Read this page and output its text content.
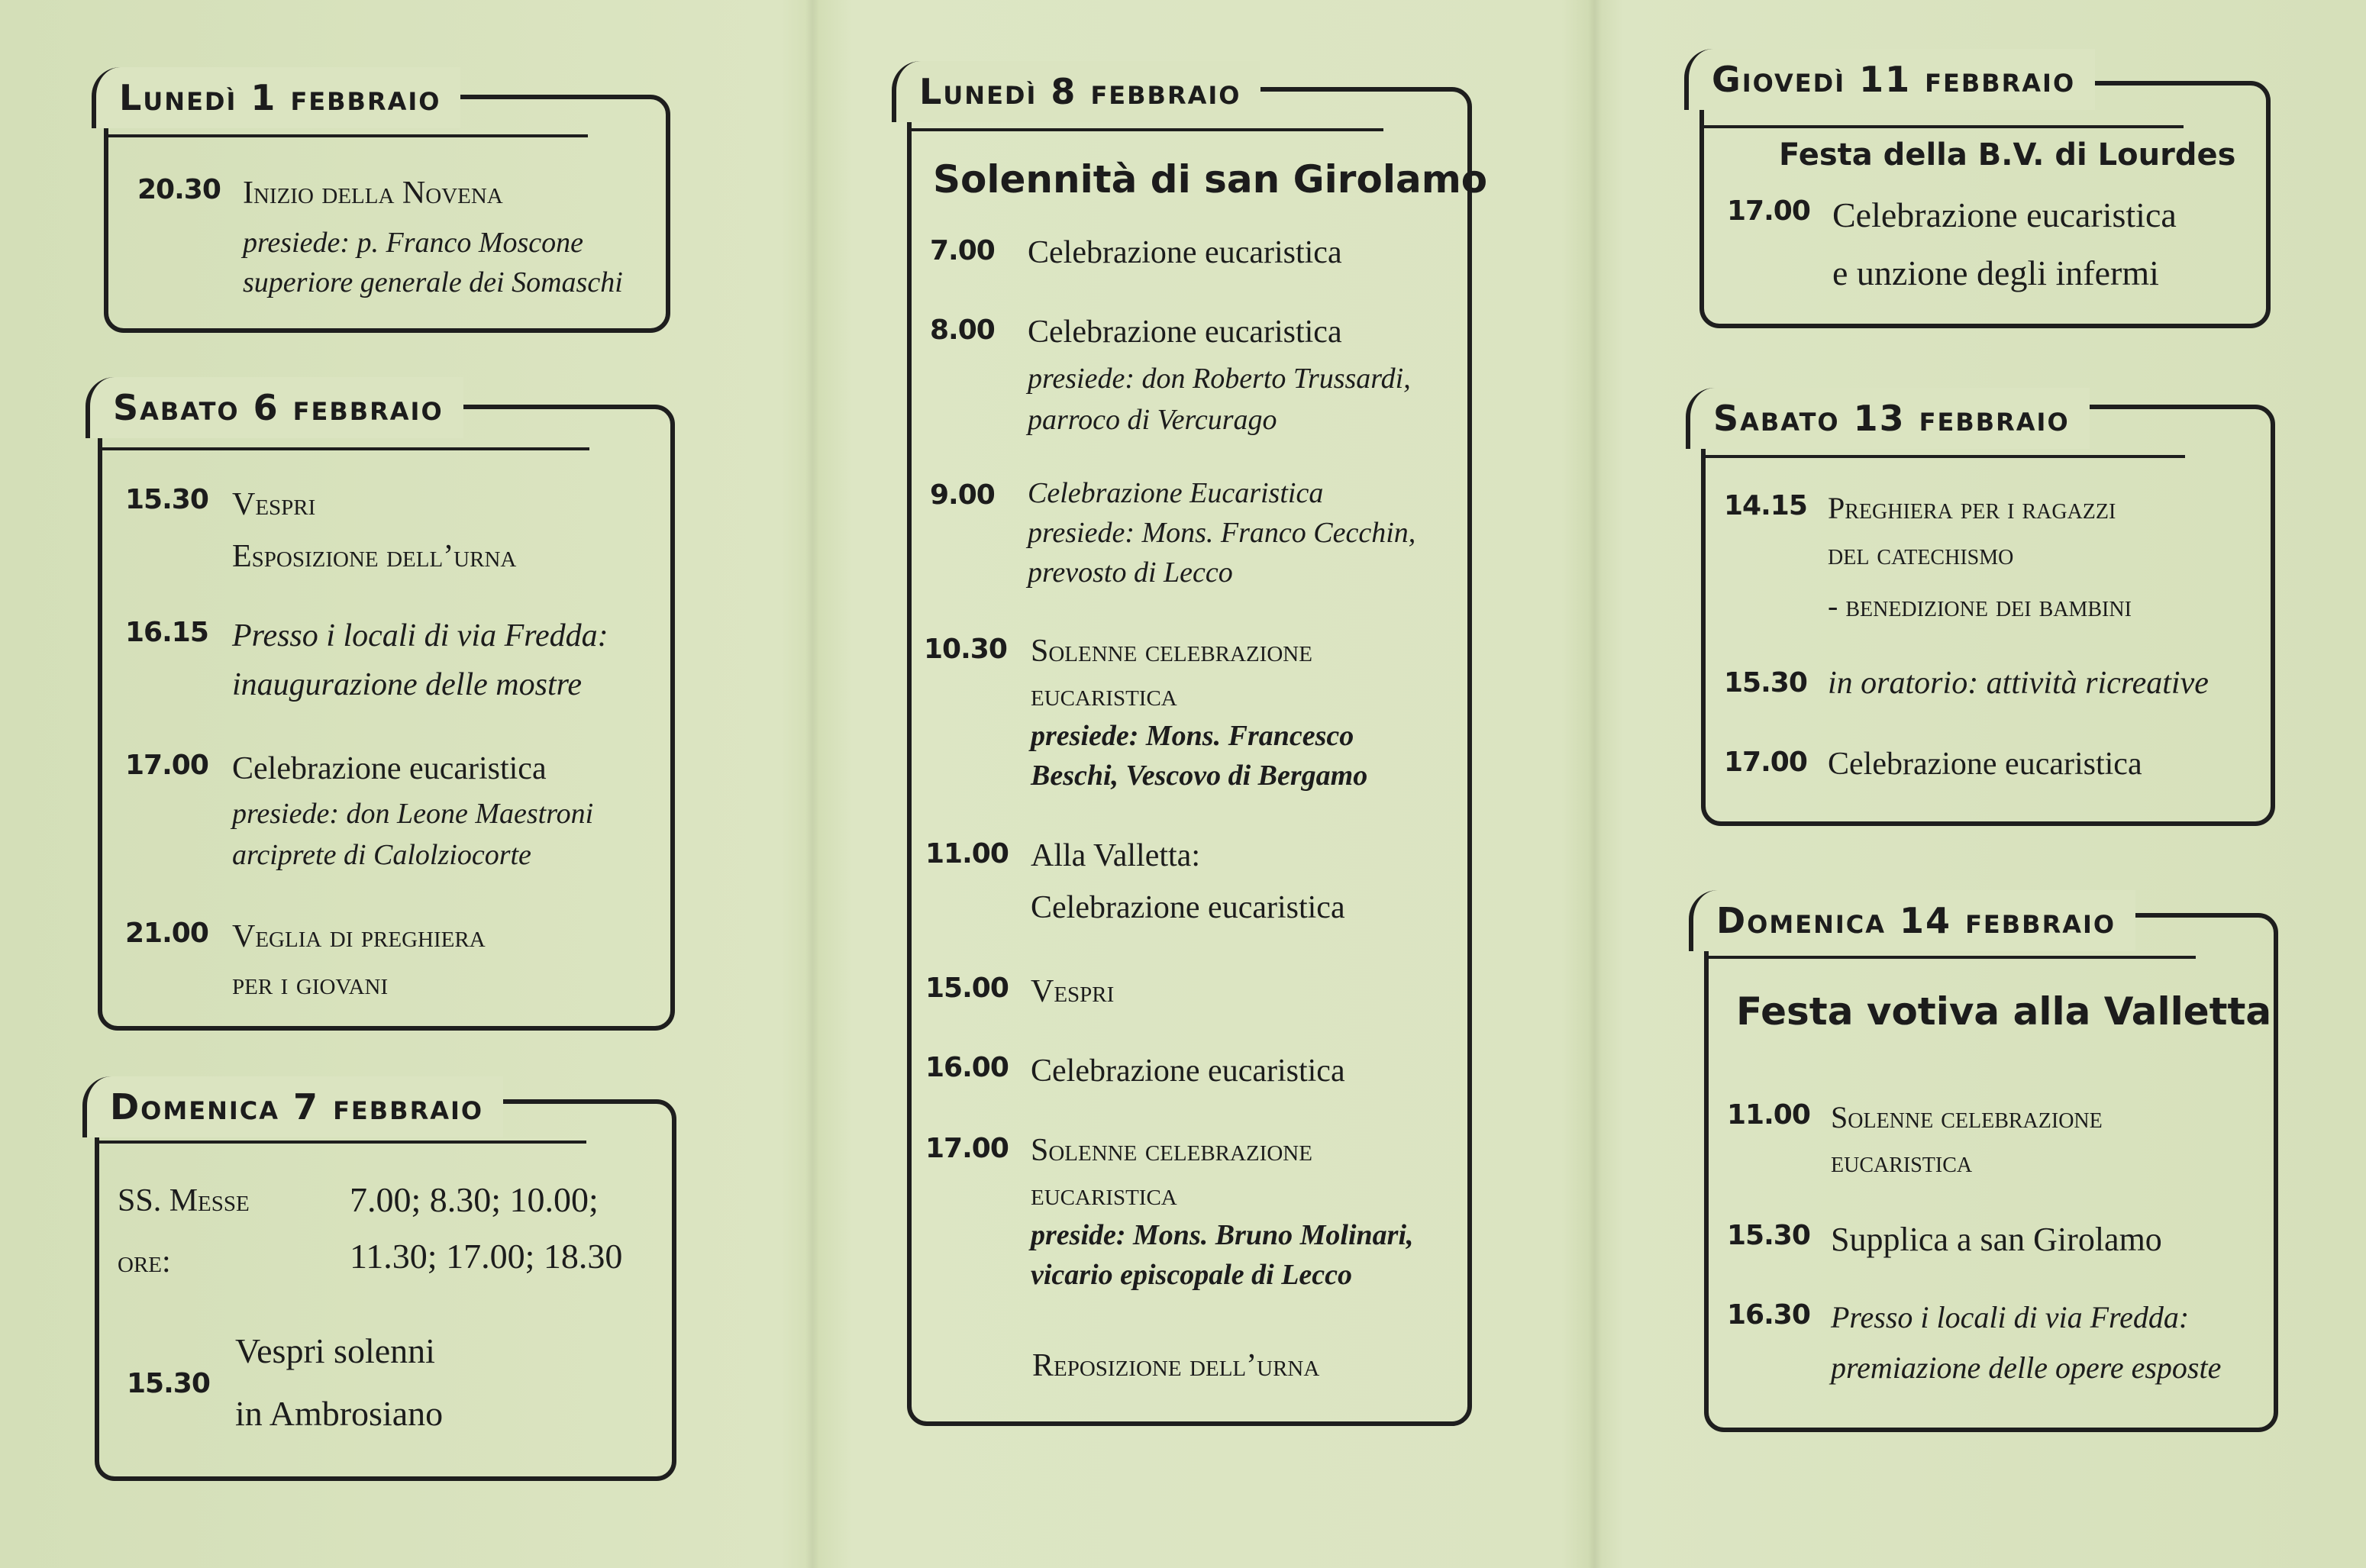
Lunedì 1 febbraio
20.30 Inizio della Novena
presiede: p. Franco Moscone
superiore generale dei Somaschi
Sabato 6 febbraio
15.30 Vespri
Esposizione dell’urna
16.15 Presso i locali di via Fredda:
inaugurazione delle mostre
17.00 Celebrazione eucaristica
presiede: don Leone Maestroni
arciprete di Calolziocorte
21.00 Veglia di preghiera
per i giovani
Domenica 7 febbraio
SS. Messe
ore:
7.00; 8.30; 10.00;
11.30; 17.00; 18.30
15.30
Vespri solenni
in Ambrosiano
Lunedì 8 febbraio
Solennità di san Girolamo
7.00 Celebrazione eucaristica
8.00 Celebrazione eucaristica
presiede: don Roberto Trussardi,
parroco di Vercurago
9.00 Celebrazione Eucaristica
presiede: Mons. Franco Cecchin,
prevosto di Lecco
10.30 Solenne celebrazione
eucaristica
presiede: Mons. Francesco
Beschi, Vescovo di Bergamo
11.00 Alla Valletta:
Celebrazione eucaristica
15.00 Vespri
16.00 Celebrazione eucaristica
17.00 Solenne celebrazione
eucaristica
preside: Mons. Bruno Molinari,
vicario episcopale di Lecco
Reposizione dell’urna
Giovedì 11 febbraio
Festa della B.V. di Lourdes
17.00 Celebrazione eucaristica
e unzione degli infermi
Sabato 13 febbraio
14.15 Preghiera per i ragazzi
del catechismo
- benedizione dei bambini
15.30 in oratorio: attività ricreative
17.00 Celebrazione eucaristica
Domenica 14 febbraio
Festa votiva alla Valletta
11.00 Solenne celebrazione
eucaristica
15.30 Supplica a san Girolamo
16.30 Presso i locali di via Fredda:
premiazione delle opere esposte
